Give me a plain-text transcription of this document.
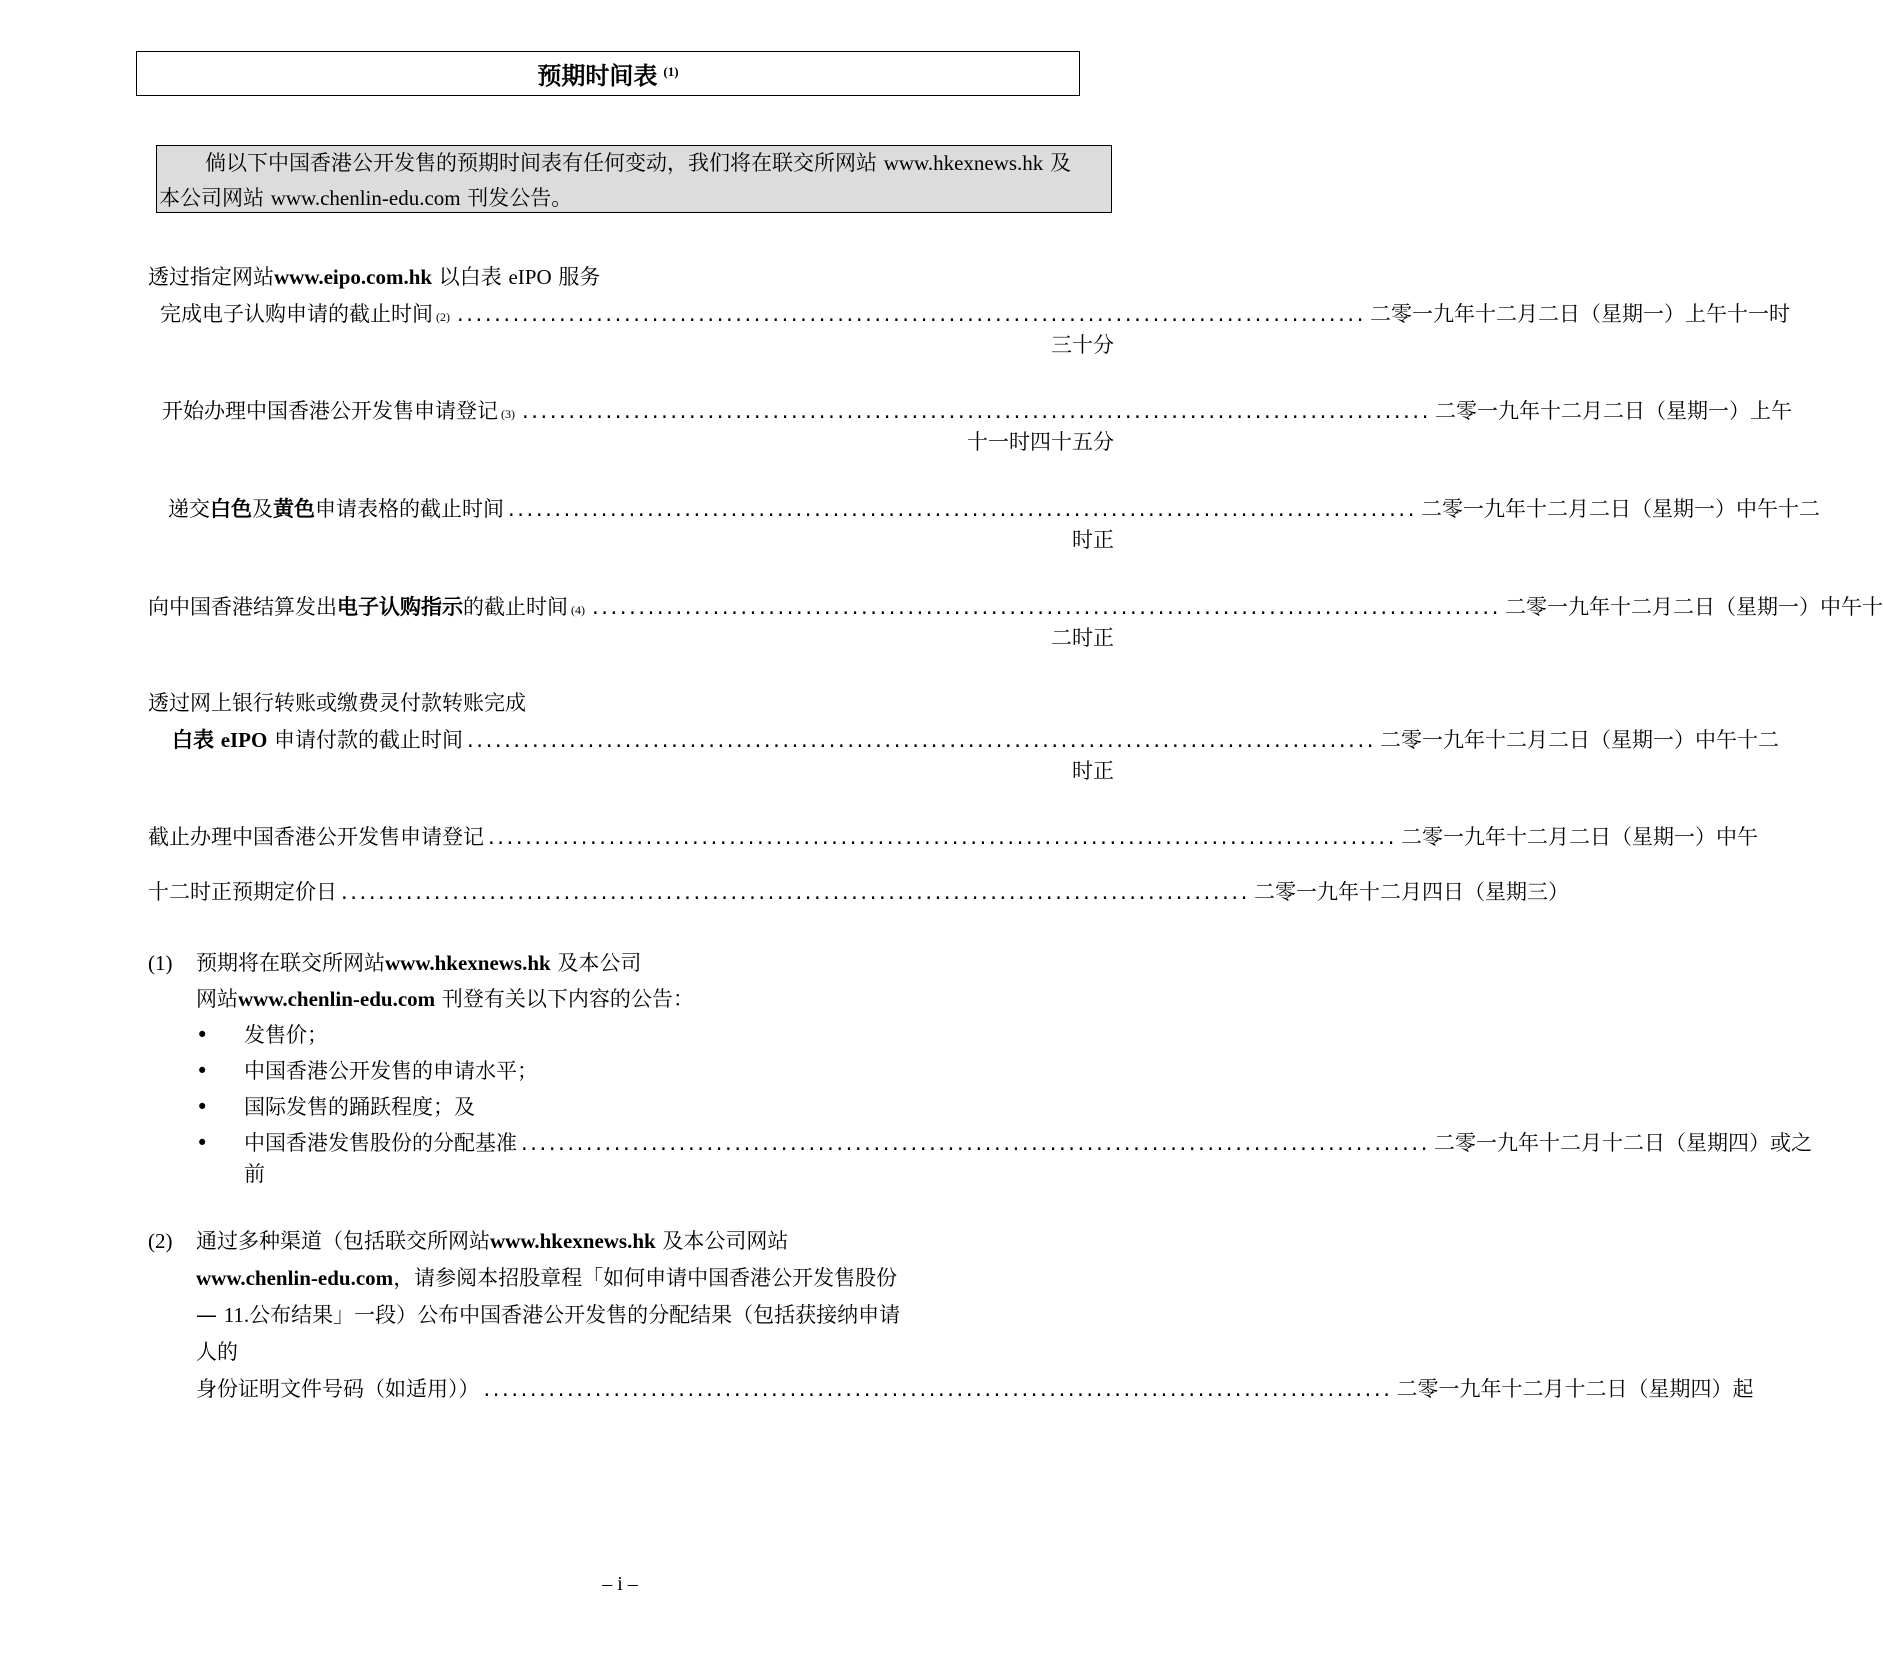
预期时间表 $^{(1)}$
倘以下中国香港公开发售的预期时间表有任何变动，我们将在联交所网站 www.hkexnews.hk 及
本公司网站 www.chenlin-edu.com 刊发公告。
透过指定网站www.eipo.com.hk 以白表 eIPO 服务
完成电子认购申请的截止时间 (2) .................................................................................................. 二零一九年十二月二日（星期一）上午十一时
三十分
开始办理中国香港公开发售申请登记 (3) .................................................................................................. 二零一九年十二月二日（星期一）上午
十一时四十五分
递交白色及黄色申请表格的截止时间 .................................................................................................. 二零一九年十二月二日（星期一）中午十二
时正
向中国香港结算发出电子认购指示的截止时间 (4) .................................................................................................. 二零一九年十二月二日（星期一）中午十
二时正
透过网上银行转账或缴费灵付款转账完成
白表 eIPO 申请付款的截止时间 .................................................................................................. 二零一九年十二月二日（星期一）中午十二
时正
截止办理中国香港公开发售申请登记 .................................................................................................. 二零一九年十二月二日（星期一）中午
十二时正预期定价日 .................................................................................................. 二零一九年十二月四日（星期三）
(1) 预期将在联交所网站www.hkexnews.hk 及本公司
网站www.chenlin-edu.com 刊登有关以下内容的公告：
• 发售价；
• 中国香港公开发售的申请水平；
• 国际发售的踊跃程度；及
• 中国香港发售股份的分配基准 .................................................................................................. 二零一九年十二月十二日（星期四）或之
前
(2) 通过多种渠道（包括联交所网站www.hkexnews.hk 及本公司网站
www.chenlin-edu.com，请参阅本招股章程「如何申请中国香港公开发售股份
— 11.公布结果」一段）公布中国香港公开发售的分配结果（包括获接纳申请
人的
身份证明文件号码（如适用）） .................................................................................................. 二零一九年十二月十二日（星期四）起
– i –
